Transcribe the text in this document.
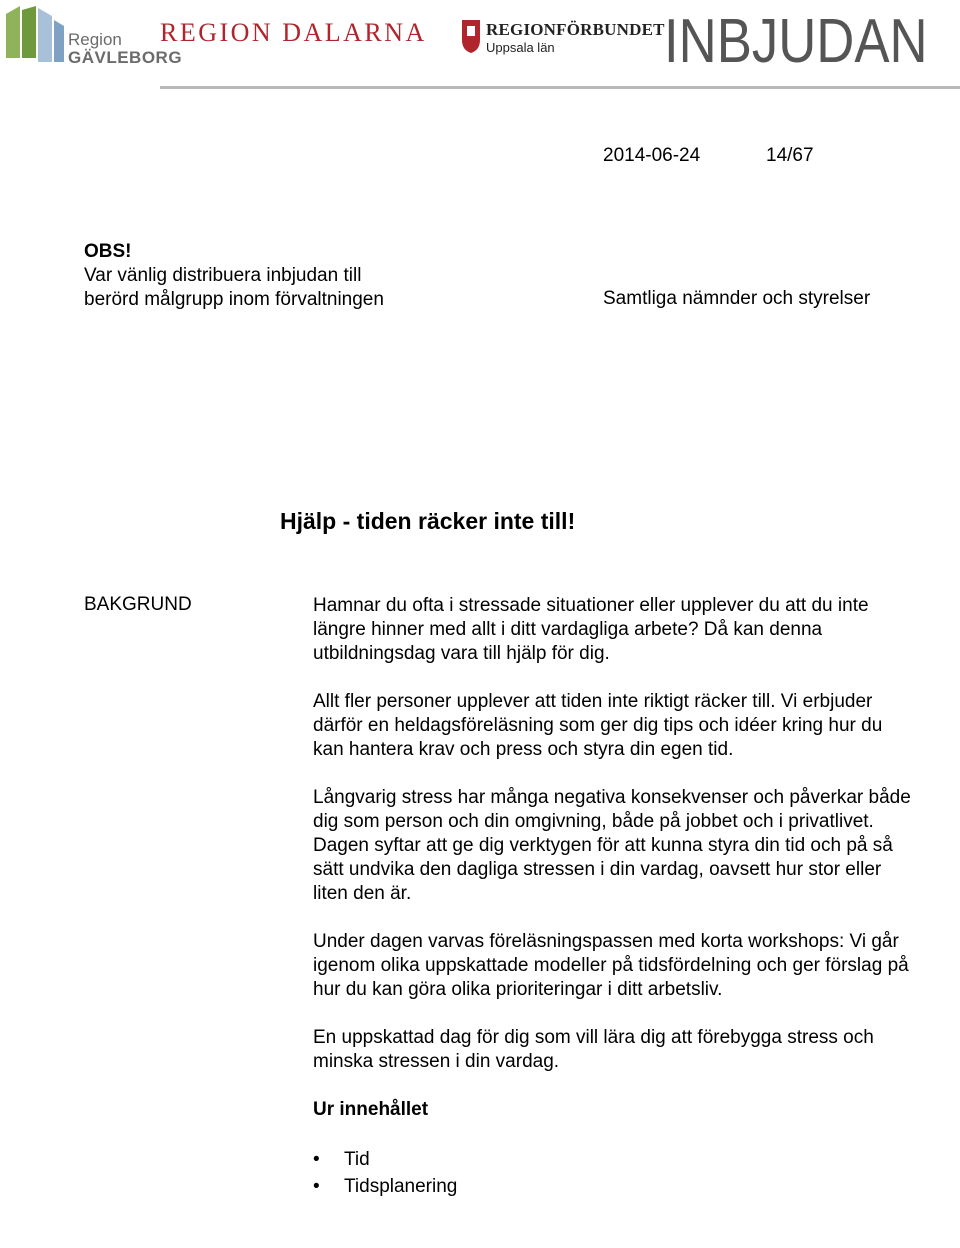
Region
GÄVLEBORG
REGION DALARNA	REGIONFÖRBUNDET
Uppsala län INBJUDAN
2014-06-24	14/67
OBS!
Var vänlig distribuera inbjudan till
berörd målgrupp inom förvaltningen	Samtliga nämnder och styrelser
Hjälp - tiden räcker inte till!
BAKGRUND	Hamnar du ofta i stressade situationer eller upplever du att du inte längre hinner med allt i ditt vardagliga arbete? Då kan denna utbildningsdag vara till hjälp för dig.

Allt fler personer upplever att tiden inte riktigt räcker till. Vi erbjuder därför en heldagsföreläsning som ger dig tips och idéer kring hur du kan hantera krav och press och styra din egen tid.

Långvarig stress har många negativa konsekvenser och påverkar både dig som person och din omgivning, både på jobbet och i privatlivet. Dagen syftar att ge dig verktygen för att kunna styra din tid och på så sätt undvika den dagliga stressen i din vardag, oavsett hur stor eller liten den är.

Under dagen varvas föreläsningspassen med korta workshops: Vi går igenom olika uppskattade modeller på tidsfördelning och ger förslag på hur du kan göra olika prioriteringar i ditt arbetsliv.

En uppskattad dag för dig som vill lära dig att förebygga stress och minska stressen i din vardag.

Ur innehållet
• Tid
• Tidsplanering
